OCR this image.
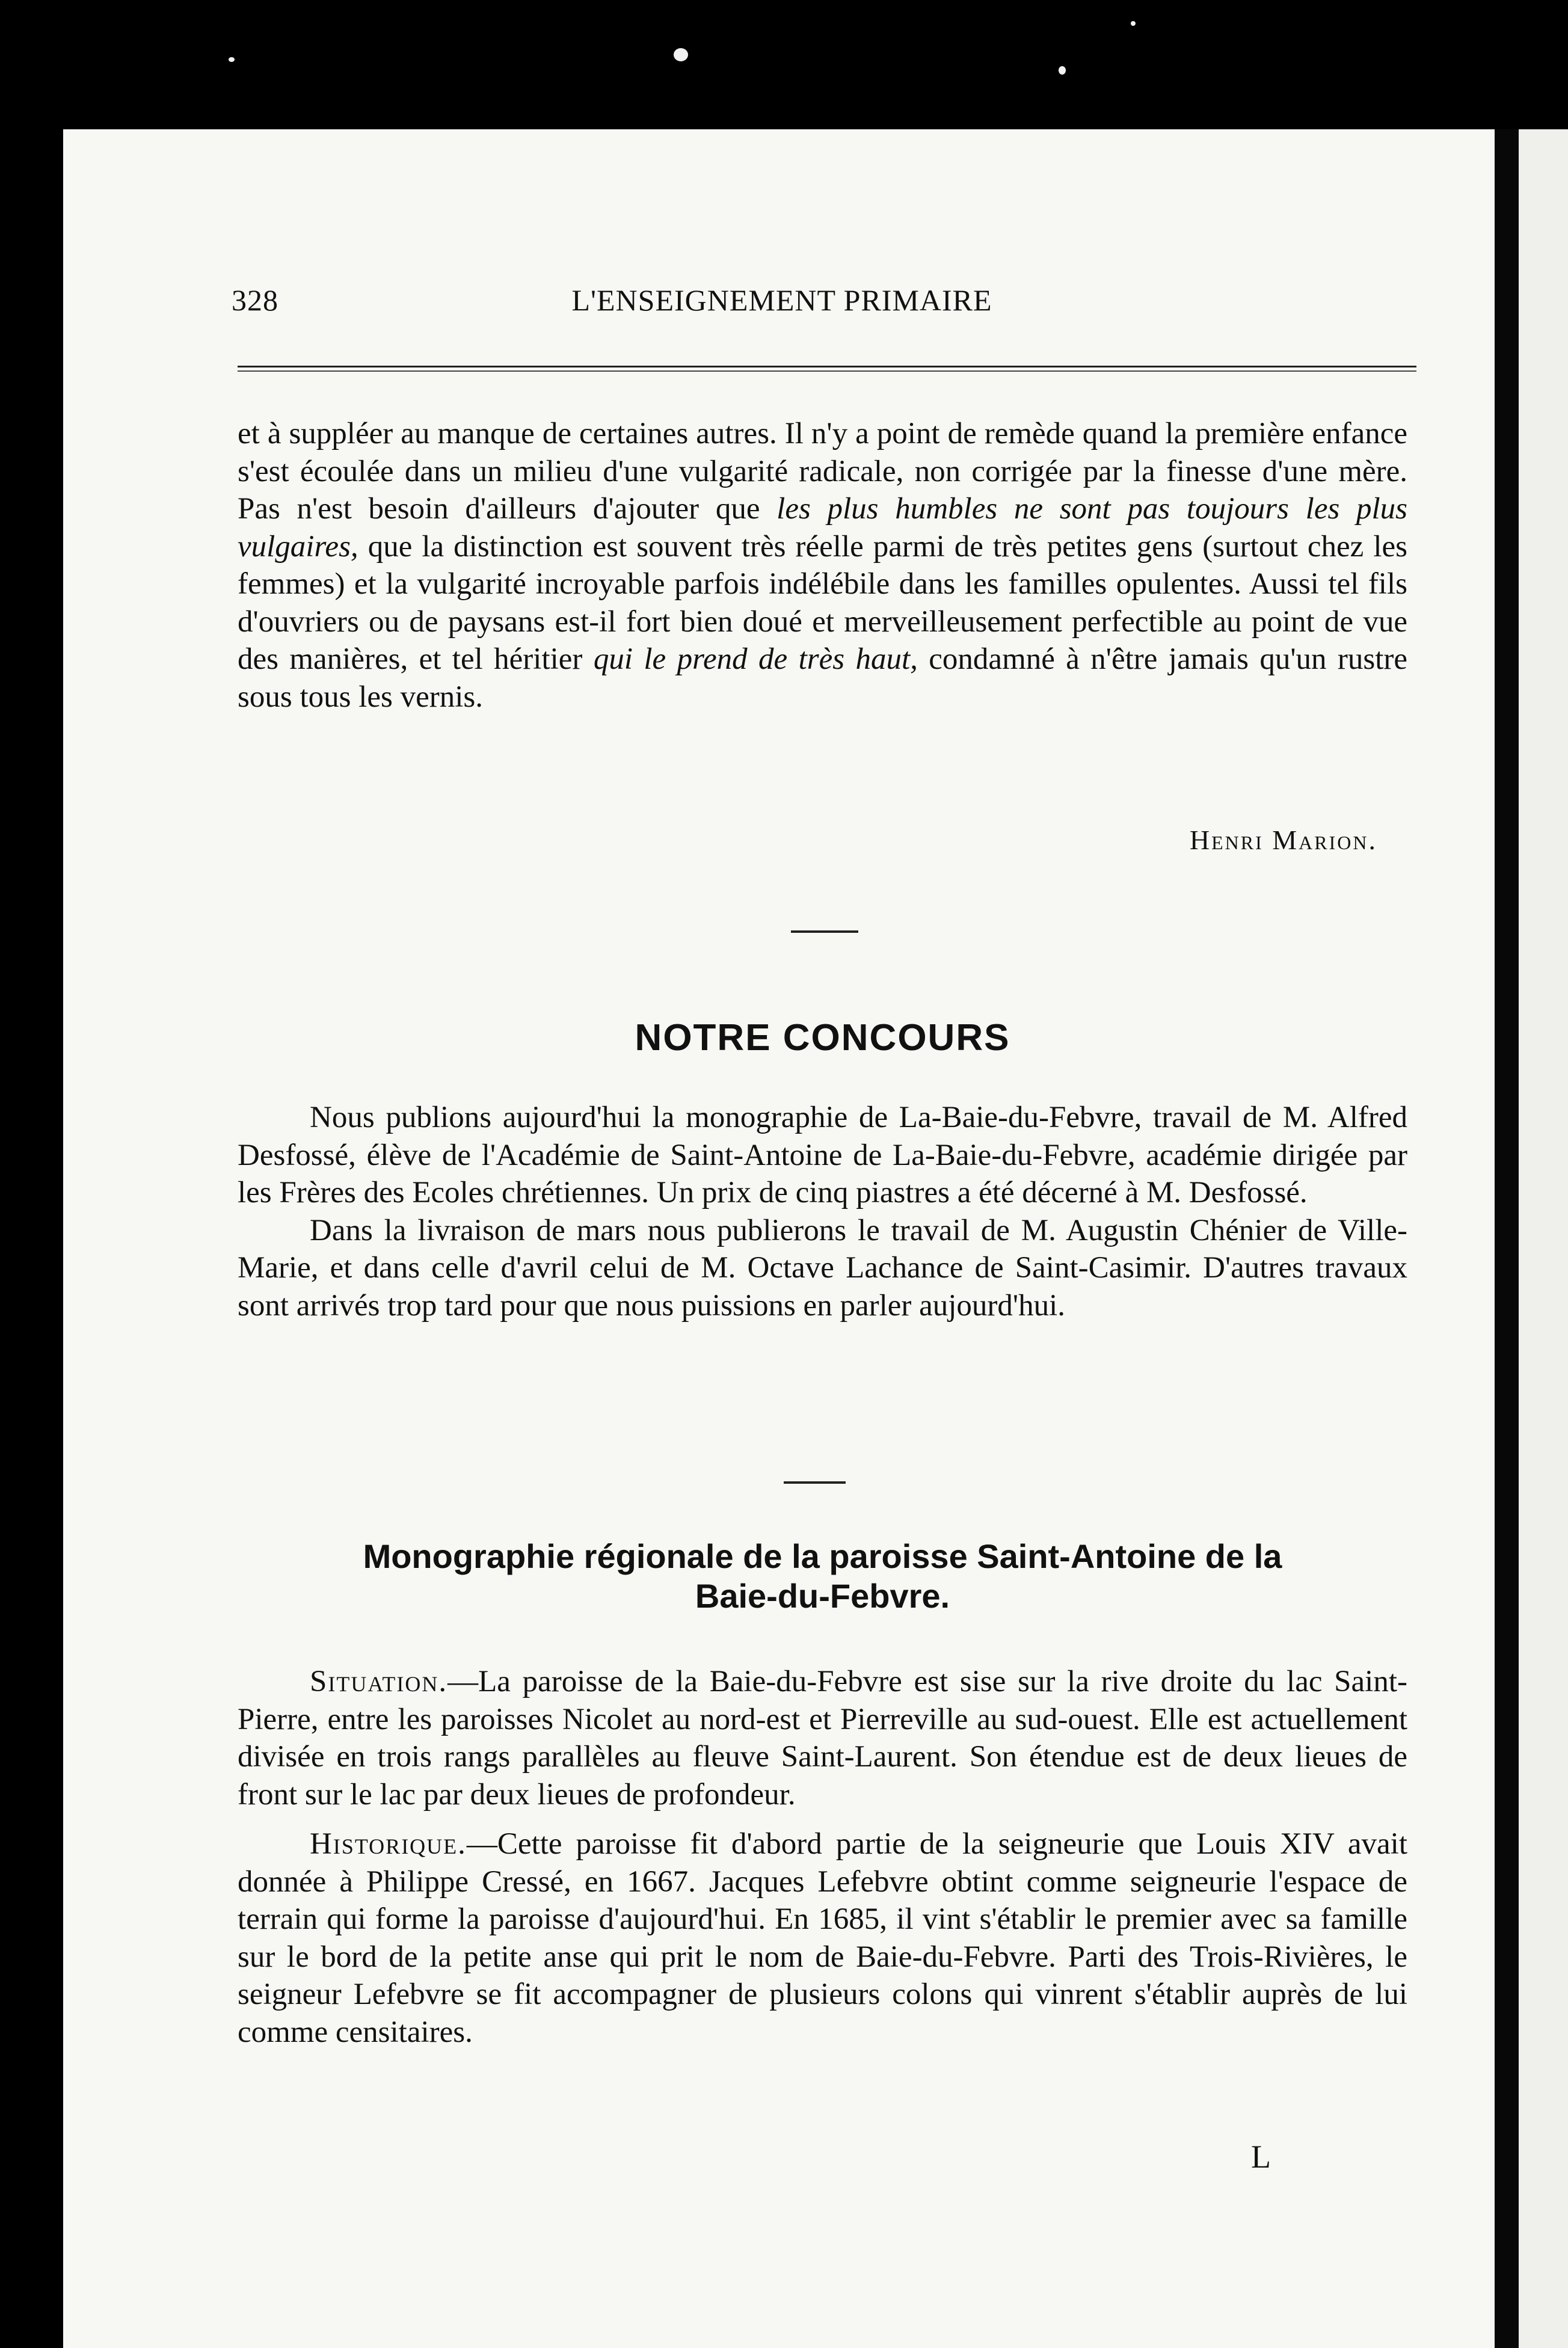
328	L'ENSEIGNEMENT PRIMAIRE

et à suppléer au manque de certaines autres. Il n'y a point de remède quand la première enfance s'est écoulée dans un milieu d'une vulgarité radicale, non corrigée par la finesse d'une mère. Pas n'est besoin d'ailleurs d'ajouter que les plus humbles ne sont pas toujours les plus vulgaires, que la distinction est souvent très réelle parmi de très petites gens (surtout chez les femmes) et la vulgarité incroyable parfois indélébile dans les familles opulentes. Aussi tel fils d'ouvriers ou de paysans est-il fort bien doué et merveilleusement perfectible au point de vue des manières, et tel héritier qui le prend de très haut, condamné à n'être jamais qu'un rustre sous tous les vernis.

Henri Marion.
NOTRE CONCOURS

Nous publions aujourd'hui la monographie de La-Baie-du-Febvre, travail de M. Alfred Desfossé, élève de l'Académie de Saint-Antoine de La-Baie-du-Febvre, académie dirigée par les Frères des Ecoles chrétiennes. Un prix de cinq piastres a été décerné à M. Desfossé.

Dans la livraison de mars nous publierons le travail de M. Augustin Chénier de Ville-Marie, et dans celle d'avril celui de M. Octave Lachance de Saint-Casimir. D'autres travaux sont arrivés trop tard pour que nous puissions en parler aujourd'hui.

Monographie régionale de la paroisse Saint-Antoine de la
Baie-du-Febvre.

Situation.—La paroisse de la Baie-du-Febvre est sise sur la rive droite du lac Saint-Pierre, entre les paroisses Nicolet au nord-est et Pierreville au sud-ouest. Elle est actuellement divisée en trois rangs parallèles au fleuve Saint-Laurent. Son étendue est de deux lieues de front sur le lac par deux lieues de profondeur.

Historique.—Cette paroisse fit d'abord partie de la seigneurie que Louis XIV avait donnée à Philippe Cressé, en 1667. Jacques Lefebvre obtint comme seigneurie l'espace de terrain qui forme la paroisse d'aujourd'hui. En 1685, il vint s'établir le premier avec sa famille sur le bord de la petite anse qui prit le nom de Baie-du-Febvre. Parti des Trois-Rivières, le seigneur Lefebvre se fit accompagner de plusieurs colons qui vinrent s'établir auprès de lui comme censitaires.

L
